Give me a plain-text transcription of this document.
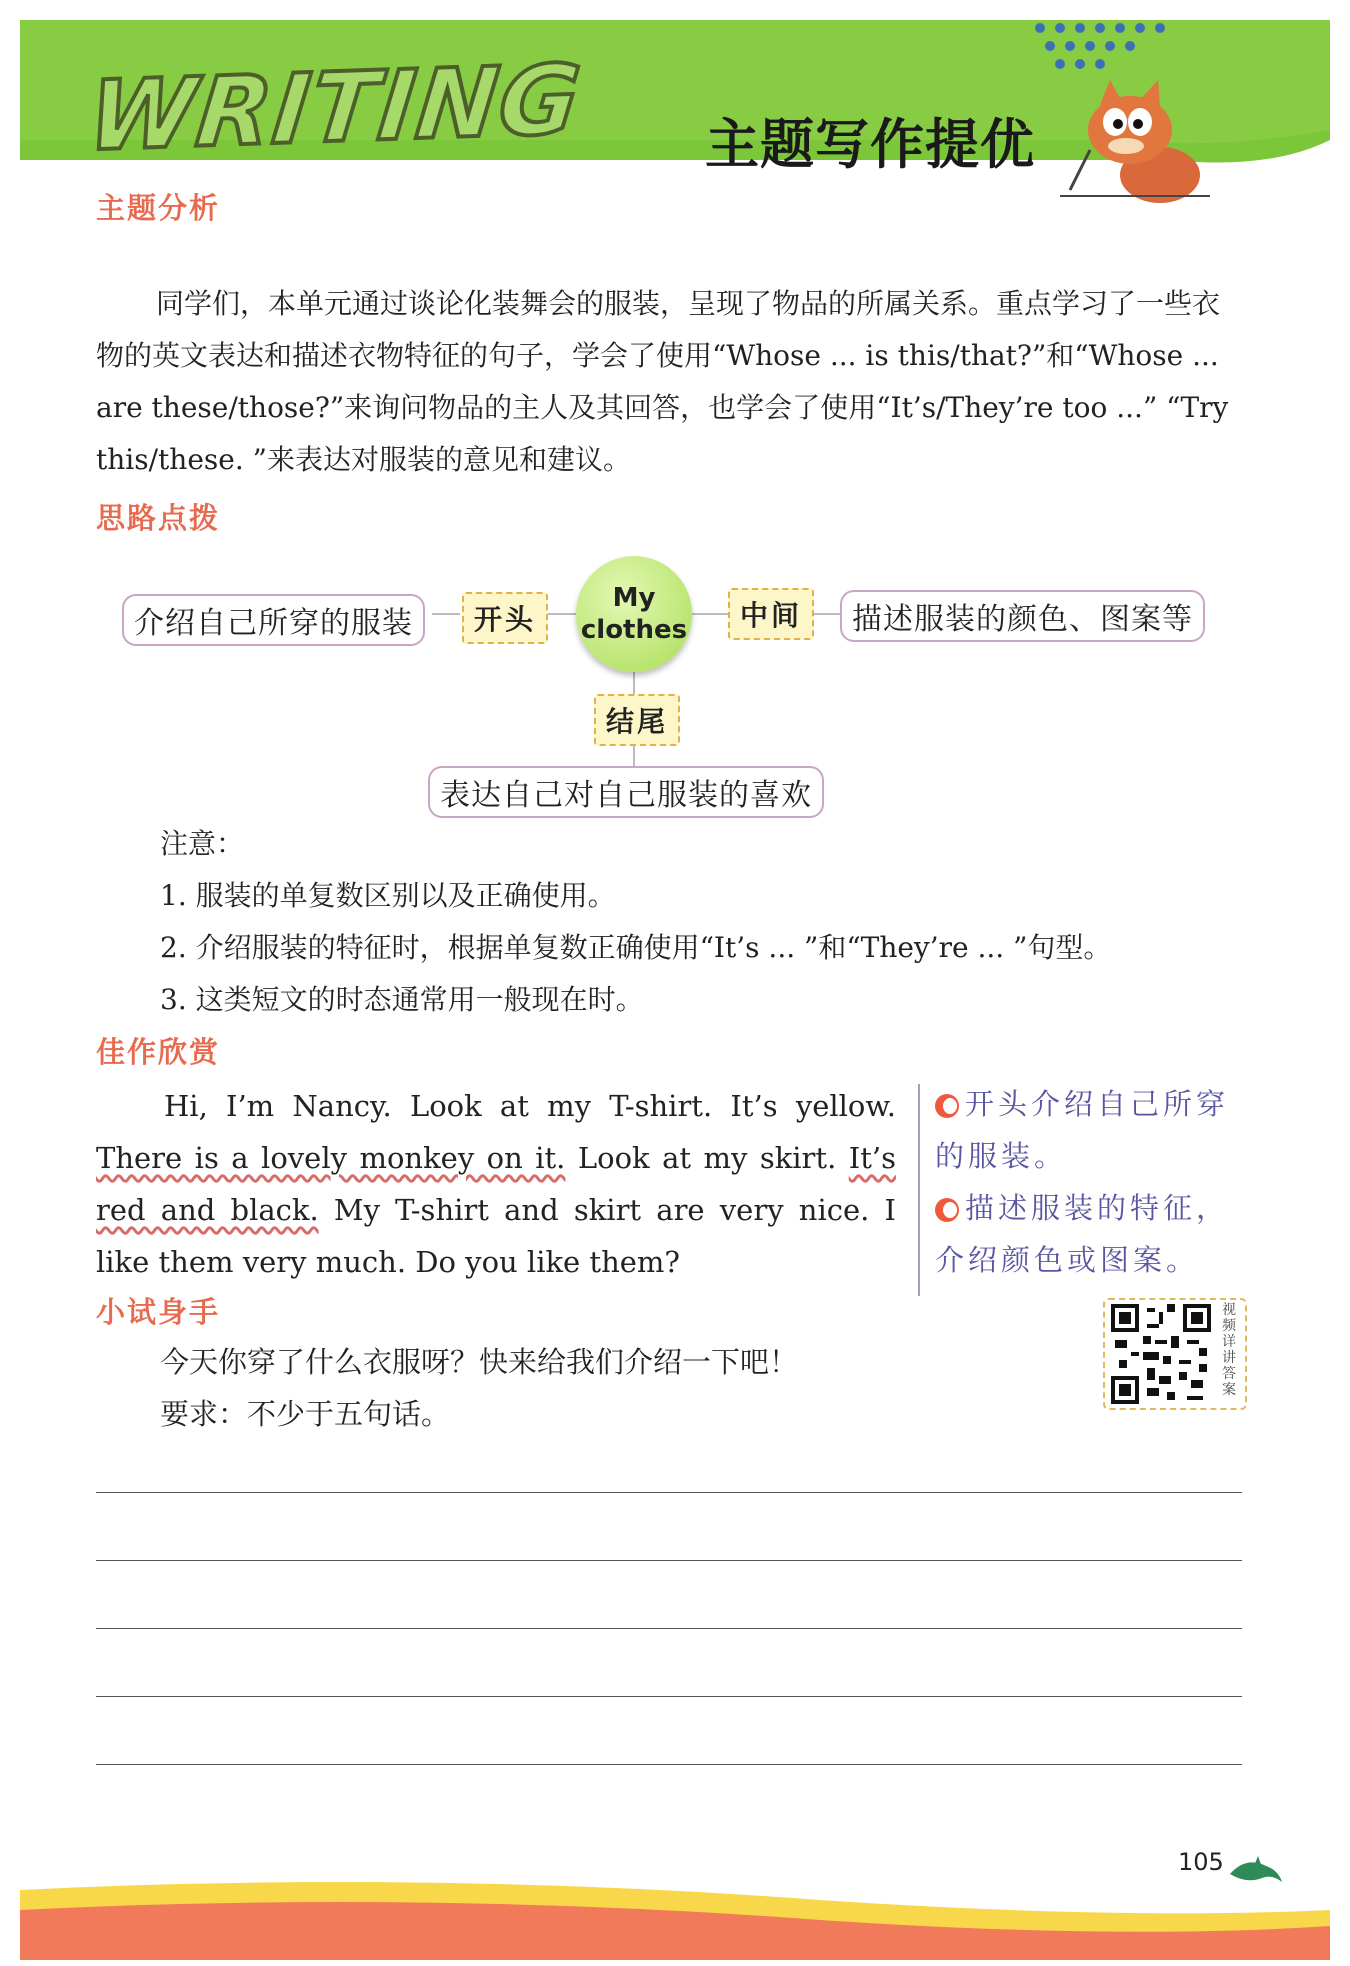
WRITING 主题写作提优
主题分析
同学们，本单元通过谈论化装舞会的服装，呈现了物品的所属关系。重点学习了一些衣物的英文表达和描述衣物特征的句子，学会了使用“Whose ... is this/that?”和“Whose ... are these/those?”来询问物品的主人及其回答，也学会了使用“It’s/They’re too ...” “Try this/these. ”来表达对服装的意见和建议。
思路点拨
介绍自己所穿的服装	开头
My
clothes	中间	描述服装的颜色、图案等
结尾
表达自己对自己服装的喜欢
注意：
1. 服装的单复数区别以及正确使用。
2. 介绍服装的特征时，根据单复数正确使用“It’s ... ”和“They’re ... ”句型。
3. 这类短文的时态通常用一般现在时。
佳作欣赏
Hi, I’m Nancy. Look at my T-shirt. It’s yellow. There is a lovely monkey on it. Look at my skirt. It’s red and black. My T-shirt and skirt are very nice. I like them very much. Do you like them?
开头介绍自己所穿的服装。
描述服装的特征，介绍颜色或图案。
小试身手
今天你穿了什么衣服呀？快来给我们介绍一下吧！
要求：不少于五句话。
视频详讲答案
105
